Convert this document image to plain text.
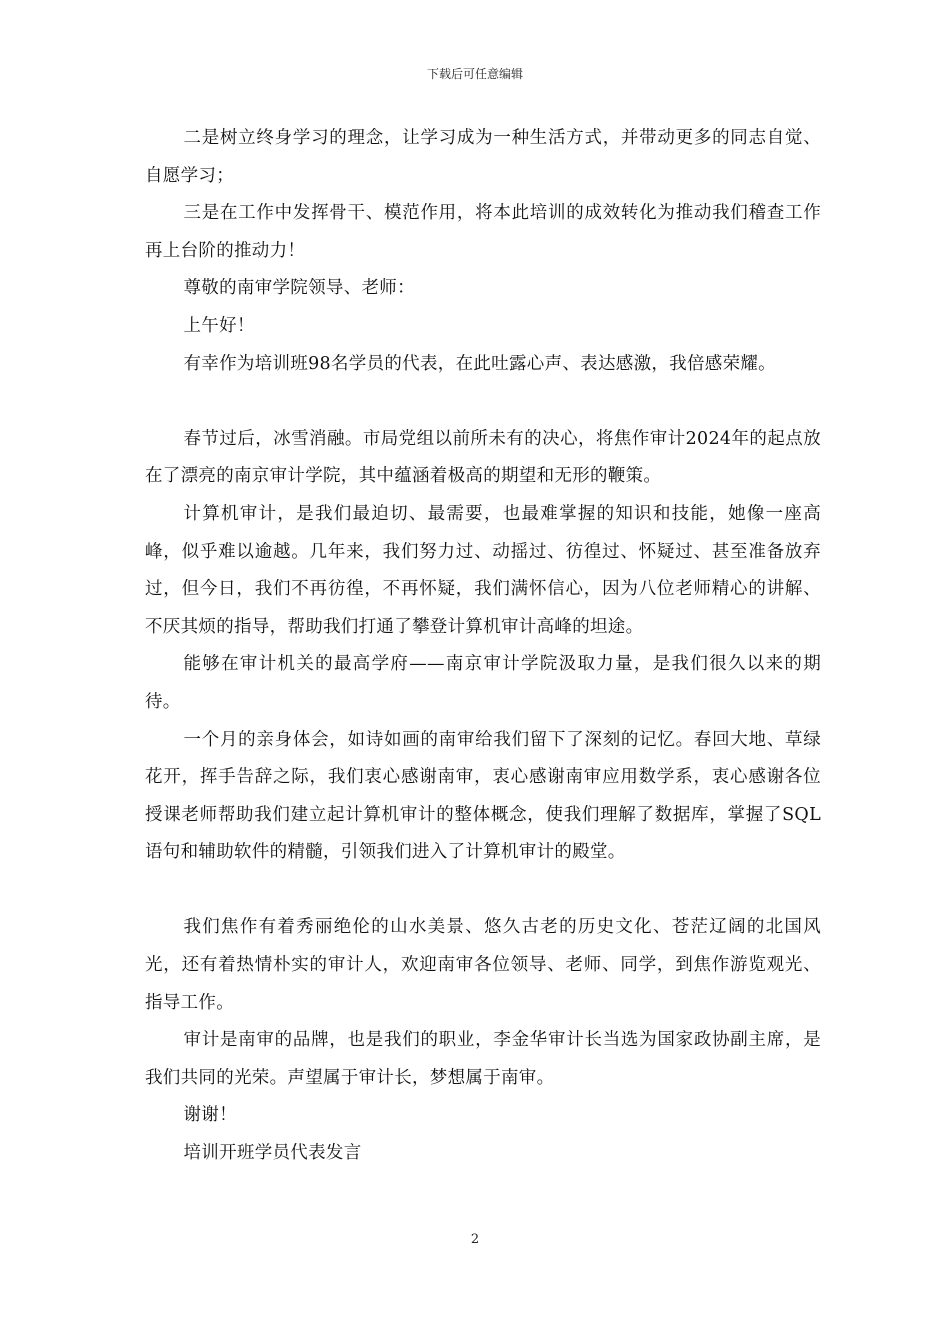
下载后可任意编辑

二是树立终身学习的理念，让学习成为一种生活方式，并带动更多的同志自觉、自愿学习；

三是在工作中发挥骨干、模范作用，将本此培训的成效转化为推动我们稽查工作再上台阶的推动力！

尊敬的南审学院领导、老师：

上午好！

有幸作为培训班98名学员的代表，在此吐露心声、表达感激，我倍感荣耀。

春节过后，冰雪消融。市局党组以前所未有的决心，将焦作审计2024年的起点放在了漂亮的南京审计学院，其中蕴涵着极高的期望和无形的鞭策。

计算机审计，是我们最迫切、最需要，也最难掌握的知识和技能，她像一座高峰，似乎难以逾越。几年来，我们努力过、动摇过、彷徨过、怀疑过、甚至准备放弃过，但今日，我们不再彷徨，不再怀疑，我们满怀信心，因为八位老师精心的讲解、不厌其烦的指导，帮助我们打通了攀登计算机审计高峰的坦途。

能够在审计机关的最高学府——南京审计学院汲取力量，是我们很久以来的期待。

一个月的亲身体会，如诗如画的南审给我们留下了深刻的记忆。春回大地、草绿花开，挥手告辞之际，我们衷心感谢南审，衷心感谢南审应用数学系，衷心感谢各位授课老师帮助我们建立起计算机审计的整体概念，使我们理解了数据库，掌握了SQL语句和辅助软件的精髓，引领我们进入了计算机审计的殿堂。

我们焦作有着秀丽绝伦的山水美景、悠久古老的历史文化、苍茫辽阔的北国风光，还有着热情朴实的审计人，欢迎南审各位领导、老师、同学，到焦作游览观光、指导工作。

审计是南审的品牌，也是我们的职业，李金华审计长当选为国家政协副主席，是我们共同的光荣。声望属于审计长，梦想属于南审。

谢谢！

培训开班学员代表发言

2
